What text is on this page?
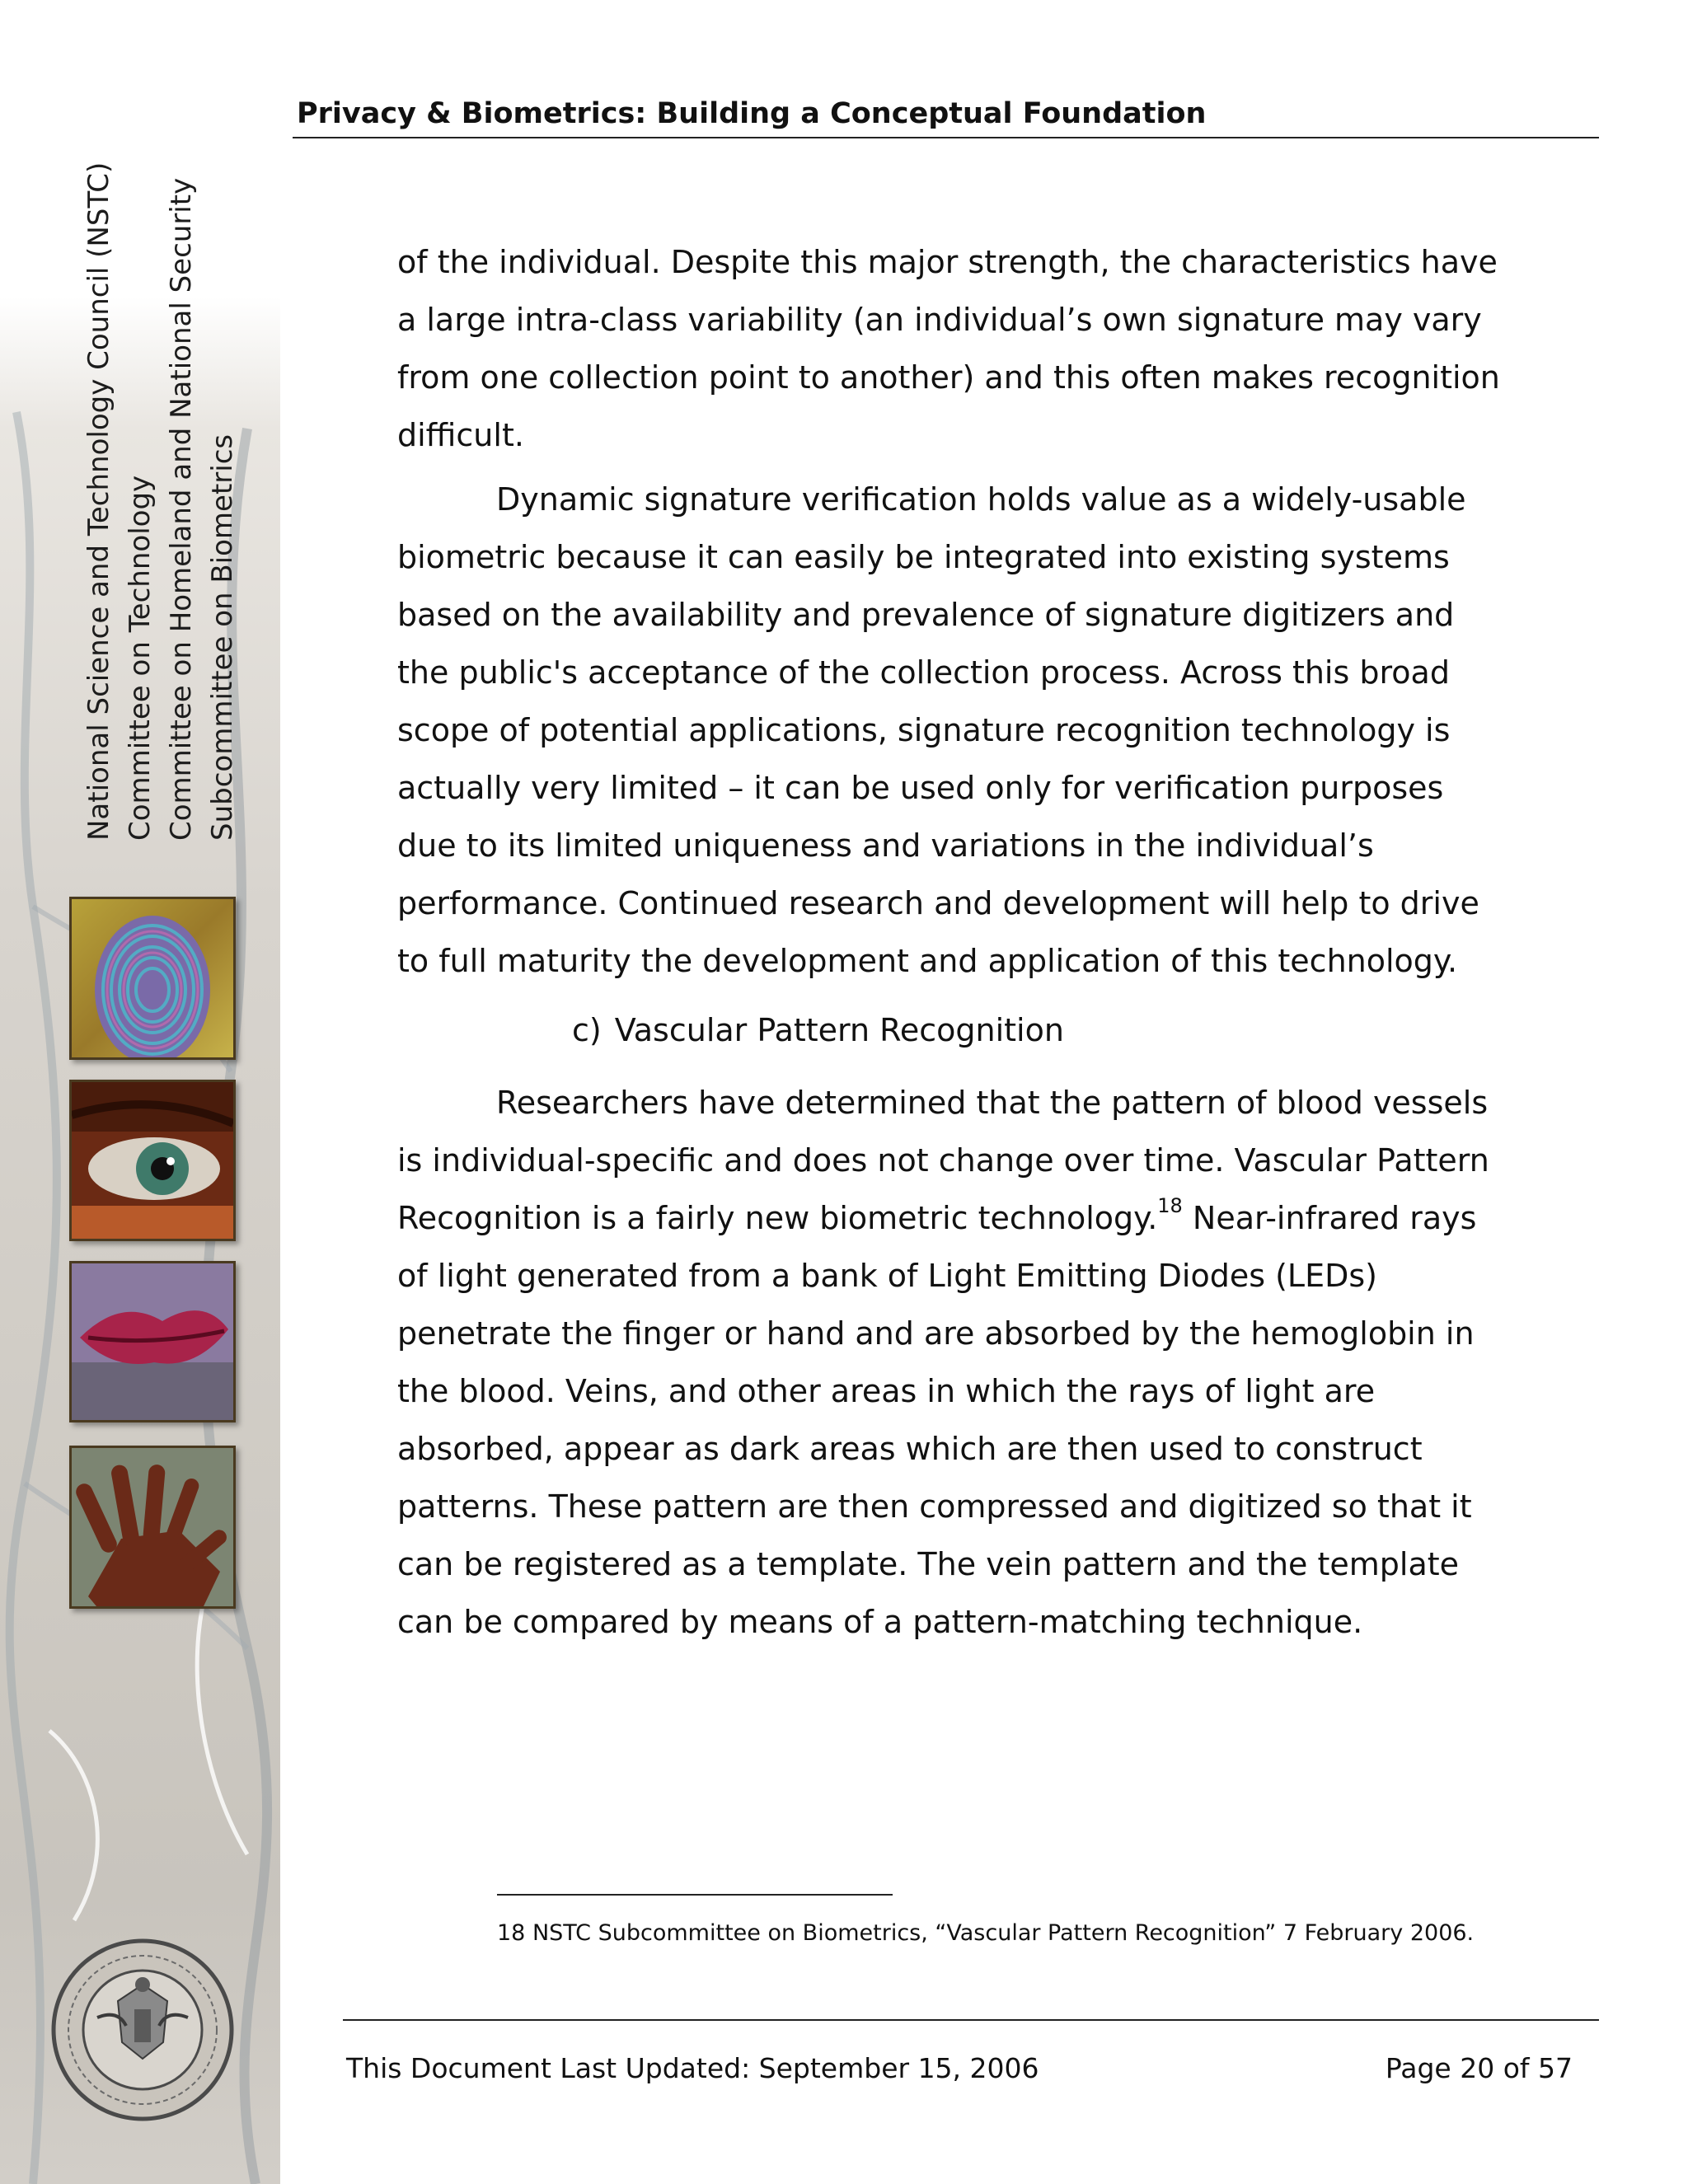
National Science and Technology Council (NSTC) Committee on Technology Committee on Homeland and National Security Subcommittee on Biometrics
Privacy & Biometrics: Building a Conceptual Foundation

of the individual. Despite this major strength, the characteristics have a large intra-class variability (an individual’s own signature may vary from one collection point to another) and this often makes recognition difficult.

Dynamic signature verification holds value as a widely-usable biometric because it can easily be integrated into existing systems based on the availability and prevalence of signature digitizers and the public's acceptance of the collection process. Across this broad scope of potential applications, signature recognition technology is actually very limited – it can be used only for verification purposes due to its limited uniqueness and variations in the individual’s performance. Continued research and development will help to drive to full maturity the development and application of this technology.

c) Vascular Pattern Recognition

Researchers have determined that the pattern of blood vessels is individual-specific and does not change over time. Vascular Pattern Recognition is a fairly new biometric technology.$^{18}$ Near-infrared rays of light generated from a bank of Light Emitting Diodes (LEDs) penetrate the finger or hand and are absorbed by the hemoglobin in the blood. Veins, and other areas in which the rays of light are absorbed, appear as dark areas which are then used to construct patterns. These pattern are then compressed and digitized so that it can be registered as a template. The vein pattern and the template can be compared by means of a pattern-matching technique.

18 NSTC Subcommittee on Biometrics, “Vascular Pattern Recognition” 7 February 2006.
This Document Last Updated: September 15, 2006	Page 20 of 57
